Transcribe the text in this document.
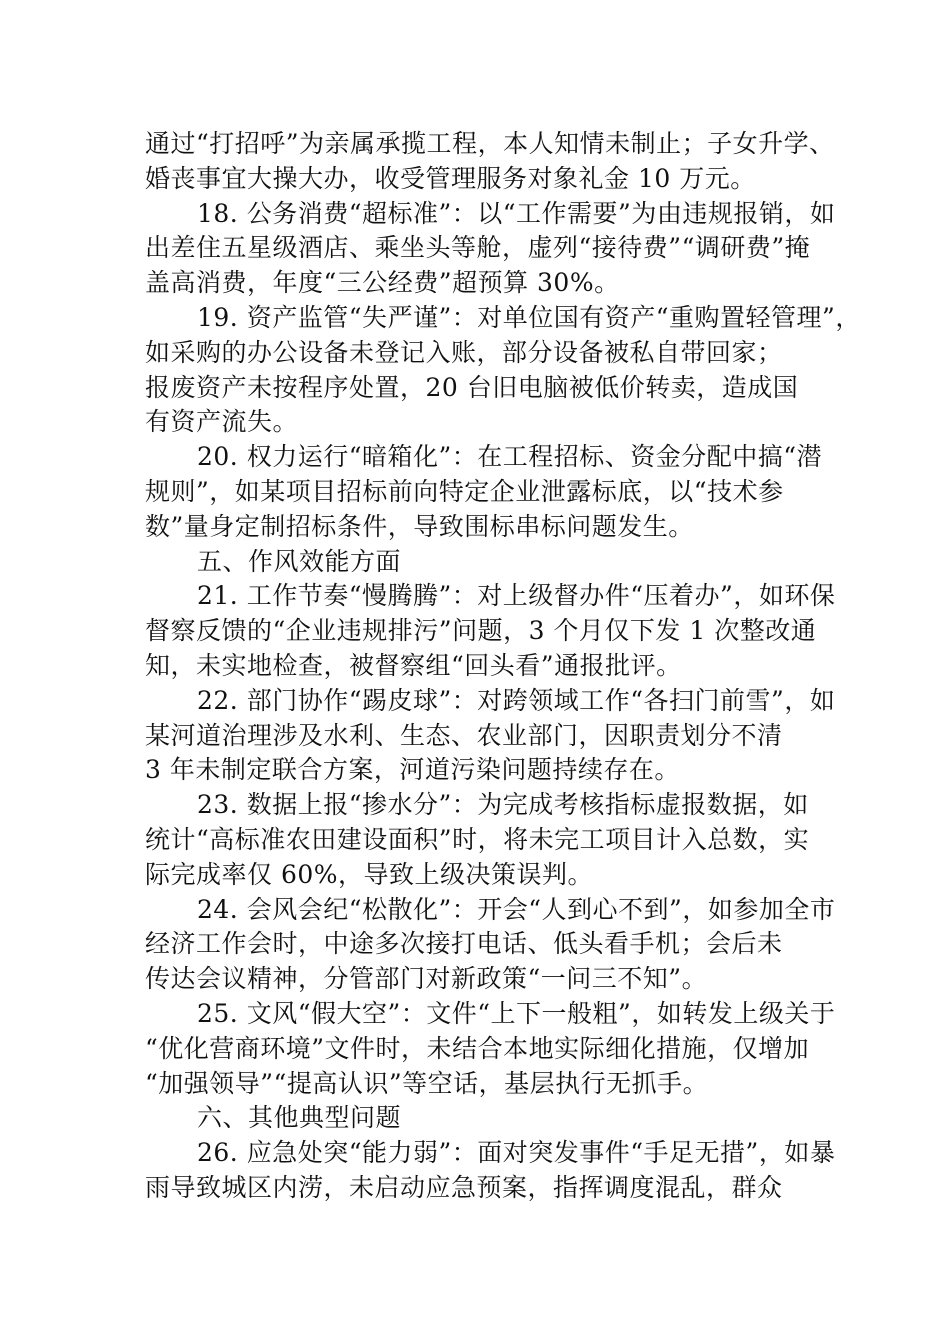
通过“打招呼”为亲属承揽工程，本人知情未制止；子女升学、
婚丧事宜大操大办，收受管理服务对象礼金 10 万元。
18. 公务消费“超标准”：以“工作需要”为由违规报销，如
出差住五星级酒店、乘坐头等舱，虚列“接待费”“调研费”掩
盖高消费，年度“三公经费”超预算 30%。
19. 资产监管“失严谨”：对单位国有资产“重购置轻管理”，
如采购的办公设备未登记入账，部分设备被私自带回家；
报废资产未按程序处置，20 台旧电脑被低价转卖，造成国
有资产流失。
20. 权力运行“暗箱化”：在工程招标、资金分配中搞“潜
规则”，如某项目招标前向特定企业泄露标底，以“技术参
数”量身定制招标条件，导致围标串标问题发生。
五、作风效能方面
21. 工作节奏“慢腾腾”：对上级督办件“压着办”，如环保
督察反馈的“企业违规排污”问题，3 个月仅下发 1 次整改通
知，未实地检查，被督察组“回头看”通报批评。
22. 部门协作“踢皮球”：对跨领域工作“各扫门前雪”，如
某河道治理涉及水利、生态、农业部门，因职责划分不清
3 年未制定联合方案，河道污染问题持续存在。
23. 数据上报“掺水分”：为完成考核指标虚报数据，如
统计“高标准农田建设面积”时，将未完工项目计入总数，实
际完成率仅 60%，导致上级决策误判。
24. 会风会纪“松散化”：开会“人到心不到”，如参加全市
经济工作会时，中途多次接打电话、低头看手机；会后未
传达会议精神，分管部门对新政策“一问三不知”。
25. 文风“假大空”：文件“上下一般粗”，如转发上级关于
“优化营商环境”文件时，未结合本地实际细化措施，仅增加
“加强领导”“提高认识”等空话，基层执行无抓手。
六、其他典型问题
26. 应急处突“能力弱”：面对突发事件“手足无措”，如暴
雨导致城区内涝，未启动应急预案，指挥调度混乱，群众
